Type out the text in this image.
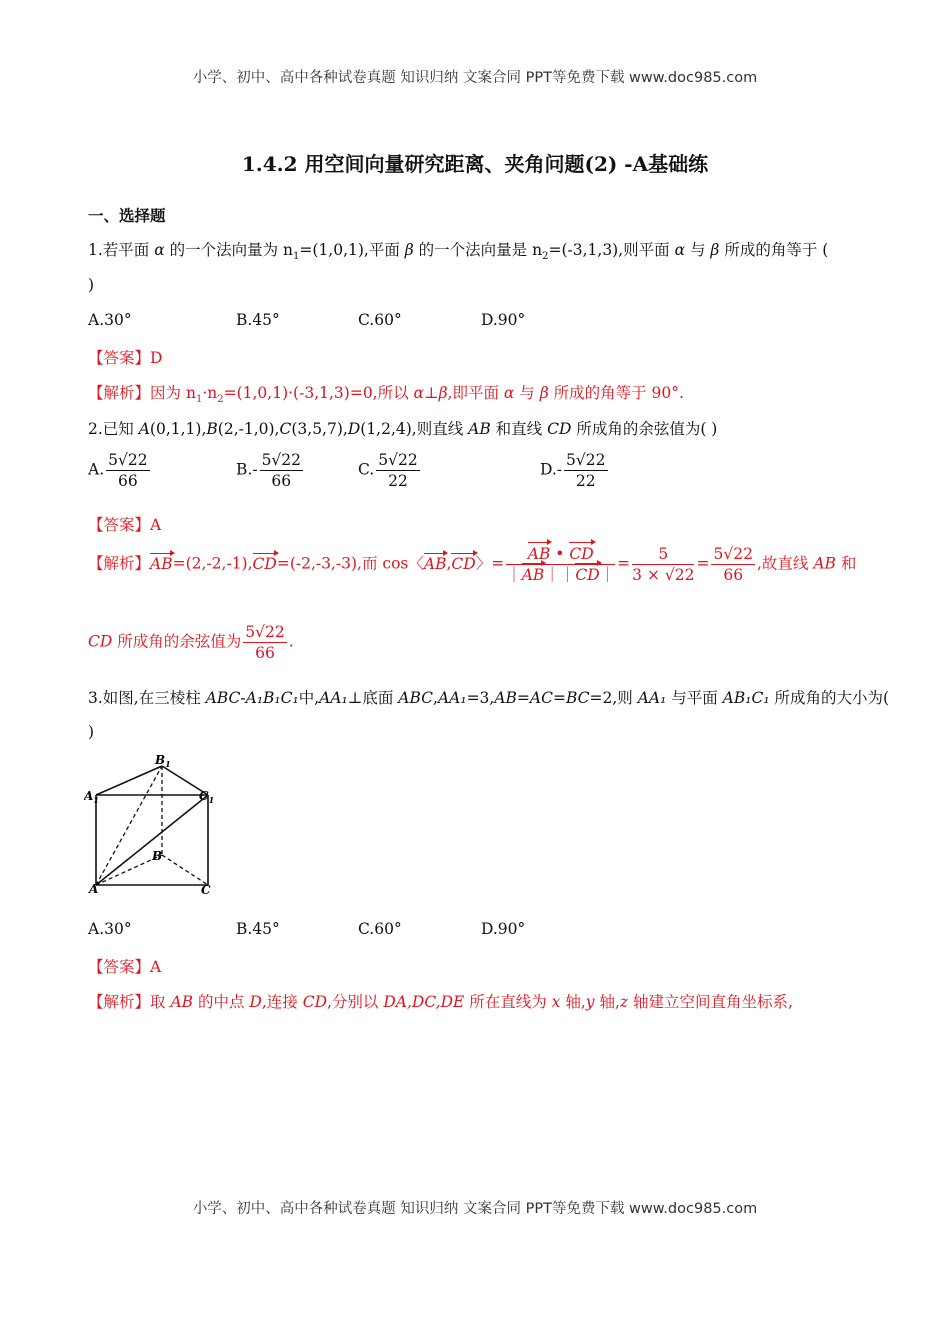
小学、初中、高中各种试卷真题 知识归纳 文案合同 PPT等免费下载 www.doc985.com
1.4.2 用空间向量研究距离、夹角问题(2) -A基础练
一、选择题
1.若平面 α 的一个法向量为 $n_1=(1,0,1)$,平面 β 的一个法向量是 $n_2=(-3,1,3)$,则平面 α 与 β 所成的角等于 (
)
A.30°	B.45°	C.60°	D.90°
【答案】D
【解析】因为 $n_1\cdot n_2=(1,0,1)\cdot(-3,1,3)=0$,所以 α⊥β,即平面 α 与 β 所成的角等于 90°.
2.已知 A(0,1,1),B(2,-1,0),C(3,5,7),D(1,2,4),则直线 AB 和直线 CD 所成角的余弦值为( )
A. $\frac{5√22}{66}$	$B.- \frac{5√22}{66}$	C. $\frac{5√22}{22}$	$D.- \frac{5√22}{22}$
【答案】A
【解析】AB=(2,-2,-1),CD=(-2,-3,-3),而 cos〈AB,CD〉= $\frac{AB • CD}{|AB||CD|} = \frac{5}{3 \times √22} = \frac{5√22}{66}$ ,故直线 AB 和
CD 所成角的余弦值为 $\frac{5√22}{66}$ .
3.如图,在三棱柱 ABC-A₁B₁C₁中,AA₁⊥底面 ABC,AA₁=3,AB=AC=BC=2,则 AA₁ 与平面 AB₁C₁ 所成角的大小为(
)
$B_1$
$A_1$	$C_1$
B
A	C
A.30°	B.45°	C.60°	D.90°
【答案】A
【解析】取 AB 的中点 D,连接 CD,分别以 DA,DC,DE 所在直线为 x 轴,y 轴,z 轴建立空间直角坐标系,
小学、初中、高中各种试卷真题 知识归纳 文案合同 PPT等免费下载 www.doc985.com
